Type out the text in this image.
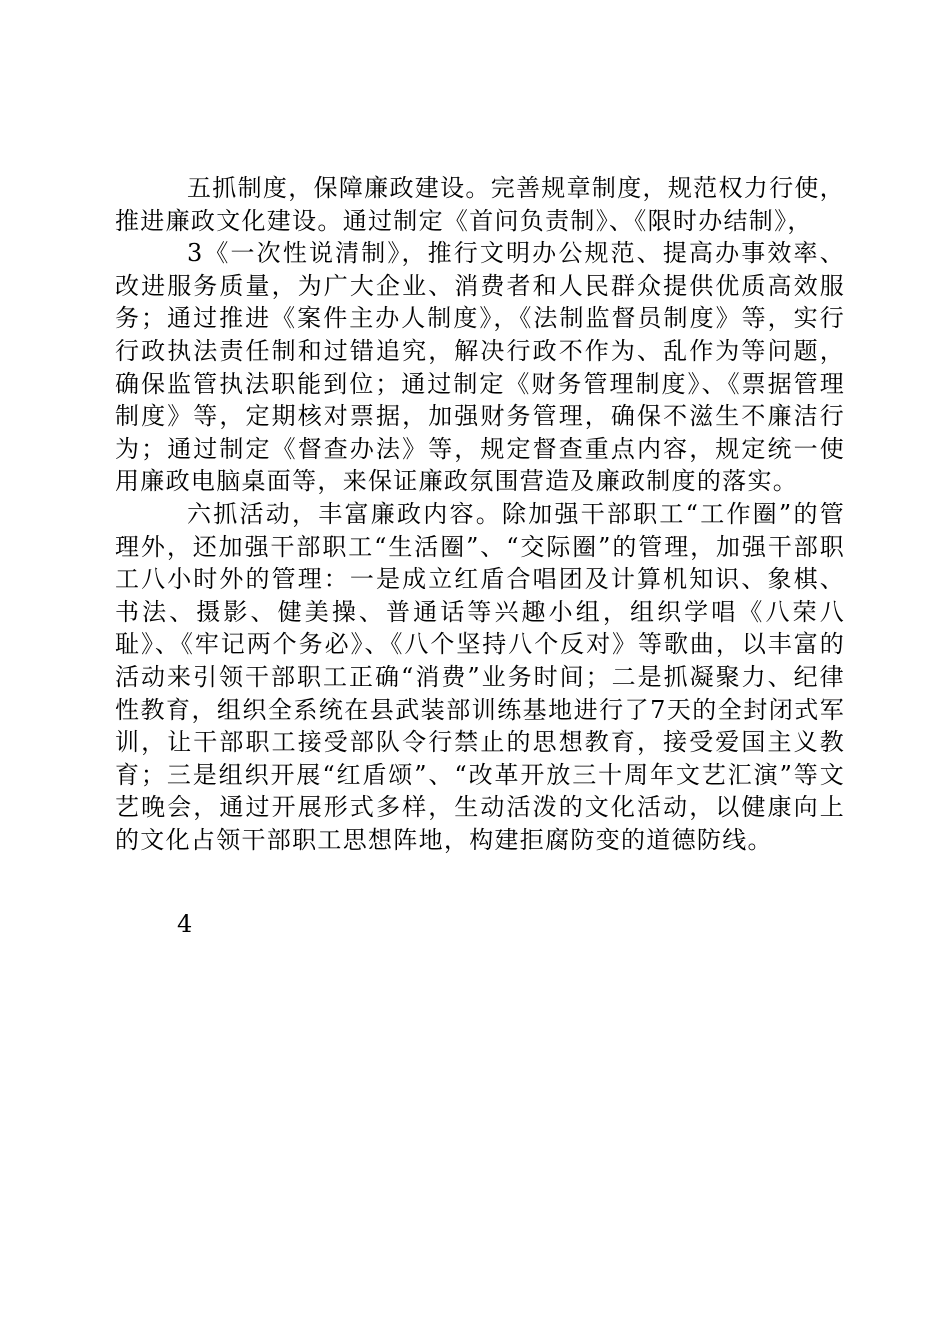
五抓制度，保障廉政建设。完善规章制度，规范权力行使，推进廉政文化建设。通过制定《首问负责制》、《限时办结制》，

3《一次性说清制》，推行文明办公规范、提高办事效率、改进服务质量，为广大企业、消费者和人民群众提供优质高效服务；通过推进《案件主办人制度》，《法制监督员制度》等，实行行政执法责任制和过错追究，解决行政不作为、乱作为等问题，确保监管执法职能到位；通过制定《财务管理制度》、《票据管理制度》等，定期核对票据，加强财务管理，确保不滋生不廉洁行为；通过制定《督查办法》等，规定督查重点内容，规定统一使用廉政电脑桌面等，来保证廉政氛围营造及廉政制度的落实。

六抓活动，丰富廉政内容。除加强干部职工“工作圈”的管理外，还加强干部职工“生活圈”、“交际圈”的管理，加强干部职工八小时外的管理：一是成立红盾合唱团及计算机知识、象棋、书法、摄影、健美操、普通话等兴趣小组，组织学唱《八荣八耻》、《牢记两个务必》、《八个坚持八个反对》等歌曲，以丰富的活动来引领干部职工正确“消费”业务时间；二是抓凝聚力、纪律性教育，组织全系统在县武装部训练基地进行了7天的全封闭式军训，让干部职工接受部队令行禁止的思想教育，接受爱国主义教育；三是组织开展“红盾颂”、“改革开放三十周年文艺汇演”等文艺晚会，通过开展形式多样，生动活泼的文化活动，以健康向上的文化占领干部职工思想阵地，构建拒腐防变的道德防线。

4
